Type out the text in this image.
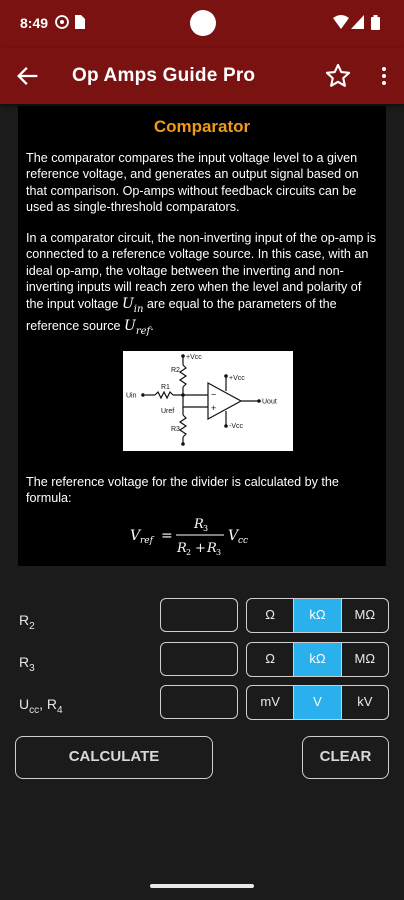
8:49
Op Amps Guide Pro
Comparator

The comparator compares the input voltage level to a given reference voltage, and generates an output signal based on that comparison. Op-amps without feedback circuits can be used as single-threshold comparators.

In a comparator circuit, the non-inverting input of the op-amp is connected to a reference voltage source. In this case, with an ideal op-amp, the voltage between the inverting and non-inverting inputs will reach zero when the level and polarity of the input voltage $U_{in}$ are equal to the parameters of the reference source $U_{ref}$.

+Vcc
R2
R1
Uin
+Vcc
Uout
Uref
R3	-Vcc
−
+

The reference voltage for the divider is calculated by the formula:

V ref =
R 3
R 2 + R 3
V cc
$R_2$
Ω	kΩ	MΩ
$R_3$
Ω	kΩ	MΩ
$U_{cc}$, $R_4$
mV	V	kV
CALCULATE	CLEAR
